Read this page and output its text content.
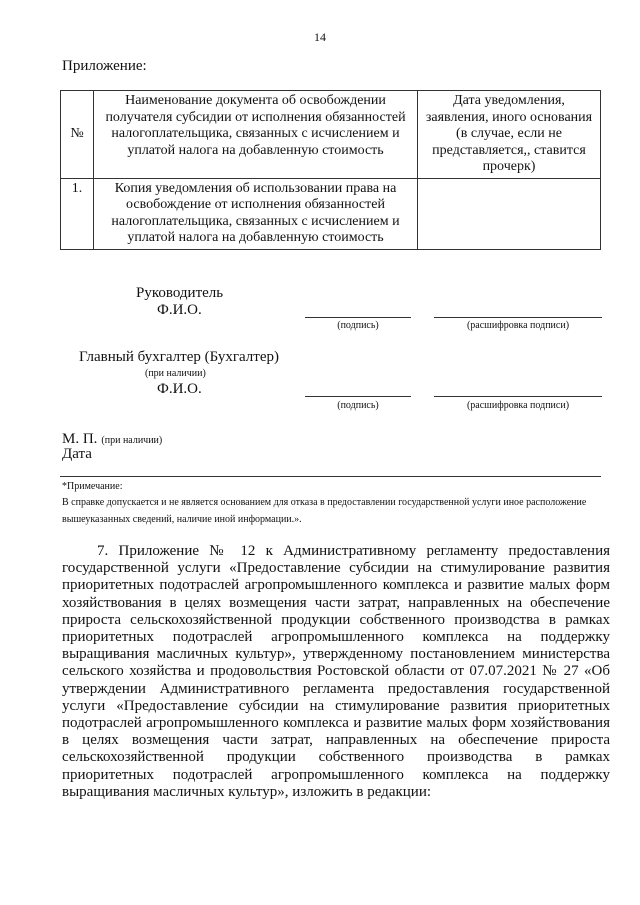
14
Приложение:
№	Наименование документа об освобождении получателя субсидии от исполнения обязанностей налогоплательщика, связанных с исчислением и уплатой налога на добавленную стоимость	Дата уведомления, заявления, иного основания (в случае, если не представляется,, ставится прочерк)
1.	Копия уведомления об использовании права на освобождение от исполнения обязанностей налогоплательщика, связанных с исчислением и уплатой налога на добавленную стоимость	
Руководитель
Ф.И.О.
(подпись)	(расшифровка подписи)
Главный бухгалтер (Бухгалтер)
(при наличии)
Ф.И.О.
(подпись)	(расшифровка подписи)
М. П. (при наличии)
Дата
*Примечание:
В справке допускается и не является основанием для отказа в предоставлении государственной услуги иное расположение вышеуказанных сведений, наличие иной информации.».
7. Приложение № 12 к Административному регламенту предоставления государственной услуги «Предоставление субсидии на стимулирование развития приоритетных подотраслей агропромышленного комплекса и развитие малых форм хозяйствования в целях возмещения части затрат, направленных на обеспечение прироста сельскохозяйственной продукции собственного производства в рамках приоритетных подотраслей агропромышленного комплекса на поддержку выращивания масличных культур», утвержденному постановлением министерства сельского хозяйства и продовольствия Ростовской области от 07.07.2021 № 27 «Об утверждении Административного регламента предоставления государственной услуги «Предоставление субсидии на стимулирование развития приоритетных подотраслей агропромышленного комплекса и развитие малых форм хозяйствования в целях возмещения части затрат, направленных на обеспечение прироста сельскохозяйственной продукции собственного производства в рамках приоритетных подотраслей агропромышленного комплекса на поддержку выращивания масличных культур», изложить в редакции:
